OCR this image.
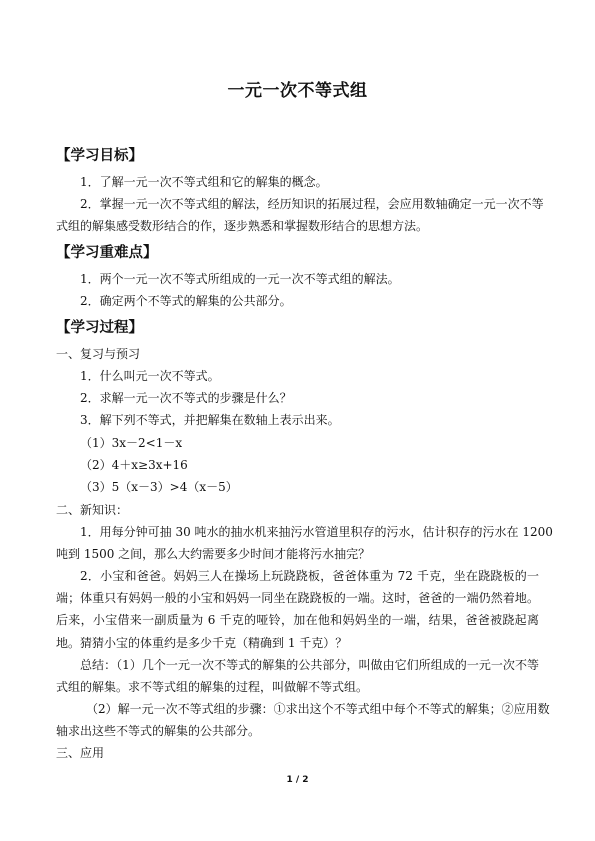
一元一次不等式组
【学习目标】
1．了解一元一次不等式组和它的解集的概念。
2．掌握一元一次不等式组的解法，经历知识的拓展过程，会应用数轴确定一元一次不等
式组的解集感受数形结合的作，逐步熟悉和掌握数形结合的思想方法。
【学习重难点】
1．两个一元一次不等式所组成的一元一次不等式组的解法。
2．确定两个不等式的解集的公共部分。
【学习过程】
一、复习与预习
1．什么叫元一次不等式。
2．求解一元一次不等式的步骤是什么？
3．解下列不等式，并把解集在数轴上表示出来。
（1）3x－2<1－x
（2）4＋x≥3x+16
（3）5（x－3）>4（x－5）
二、新知识：
1．用每分钟可抽 30 吨水的抽水机来抽污水管道里积存的污水，估计积存的污水在 1200
吨到 1500 之间，那么大约需要多少时间才能将污水抽完？
2．小宝和爸爸。妈妈三人在操场上玩跷跷板，爸爸体重为 72 千克，坐在跷跷板的一
端；体重只有妈妈一般的小宝和妈妈一同坐在跷跷板的一端。这时，爸爸的一端仍然着地。
后来，小宝借来一副质量为 6 千克的哑铃，加在他和妈妈坐的一端，结果，爸爸被跷起离
地。猜猜小宝的体重约是多少千克（精确到 1 千克）？
总结：（1）几个一元一次不等式的解集的公共部分，叫做由它们所组成的一元一次不等
式组的解集。求不等式组的解集的过程，叫做解不等式组。
（2）解一元一次不等式组的步骤：①求出这个不等式组中每个不等式的解集；②应用数
轴求出这些不等式的解集的公共部分。
三、应用
1 / 2
